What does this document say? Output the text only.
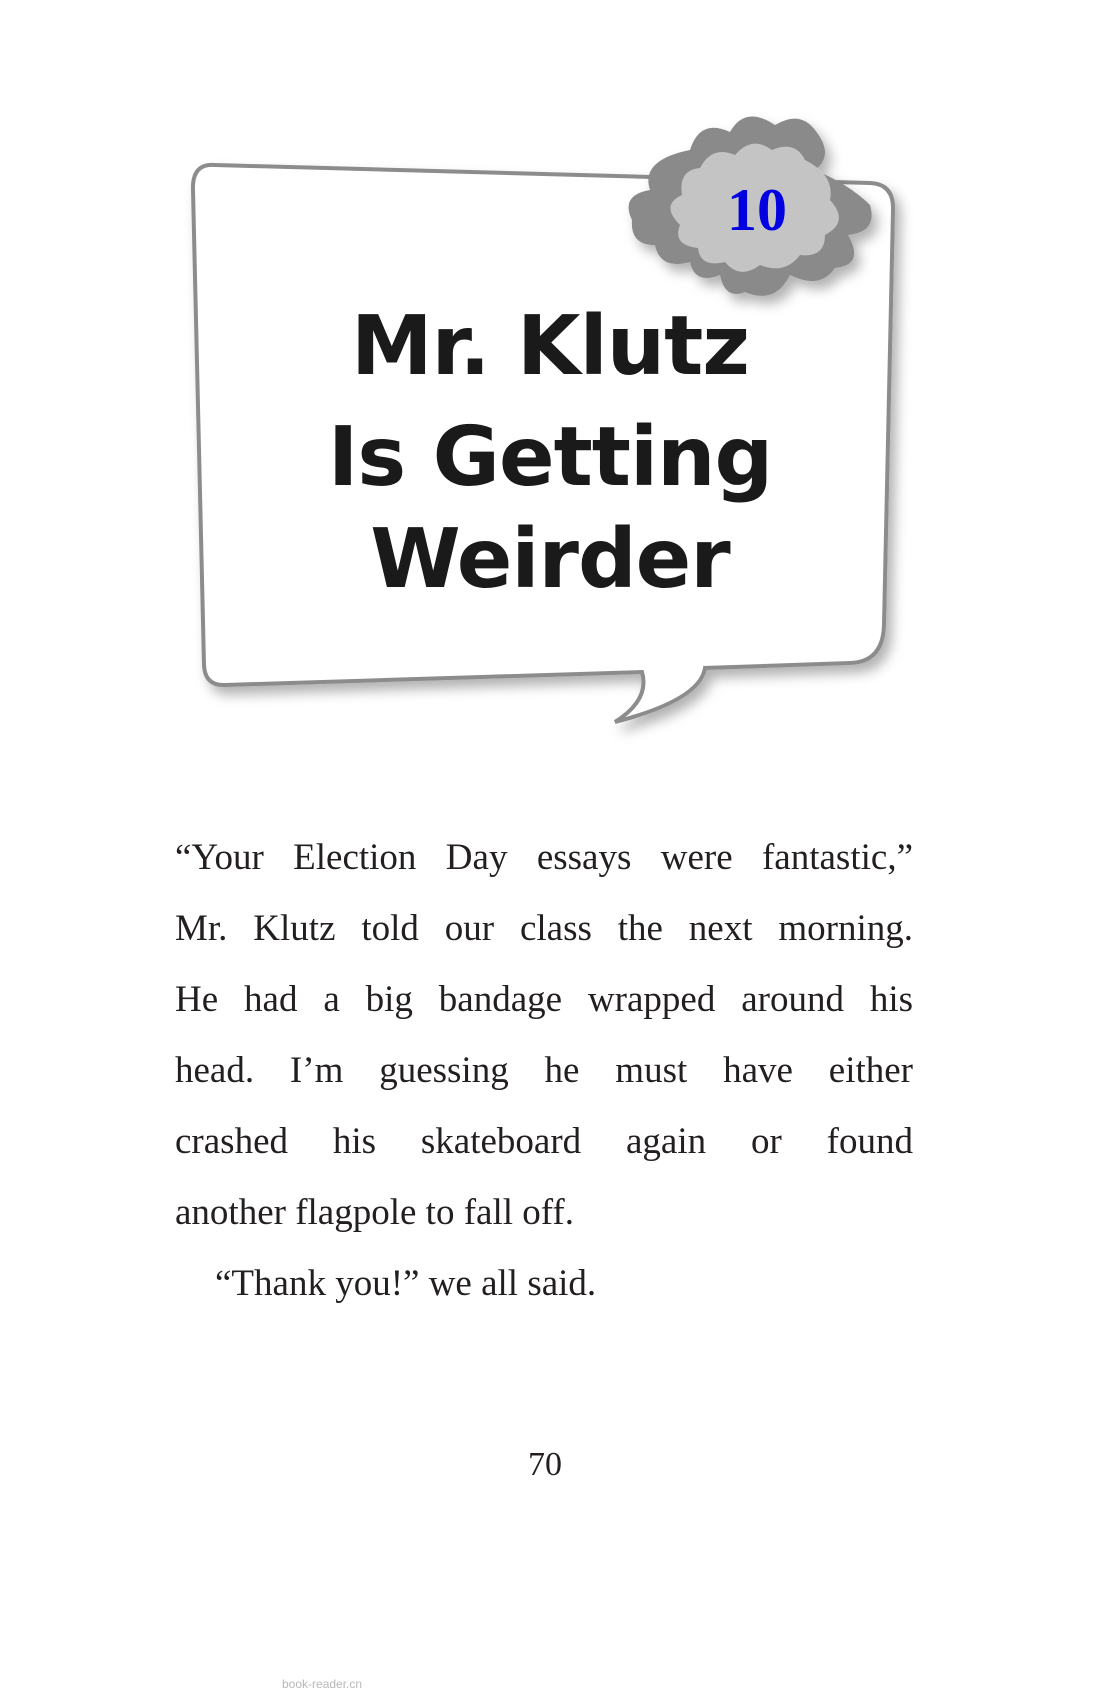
10
Mr. Klutz
Is Getting
Weirder
“Your Election Day essays were fantastic,”
Mr. Klutz told our class the next morning.
He had a big bandage wrapped around his
head. I’m guessing he must have either
crashed his skateboard again or found
another flagpole to fall off.
“Thank you!” we all said.
70
book-reader.cn
